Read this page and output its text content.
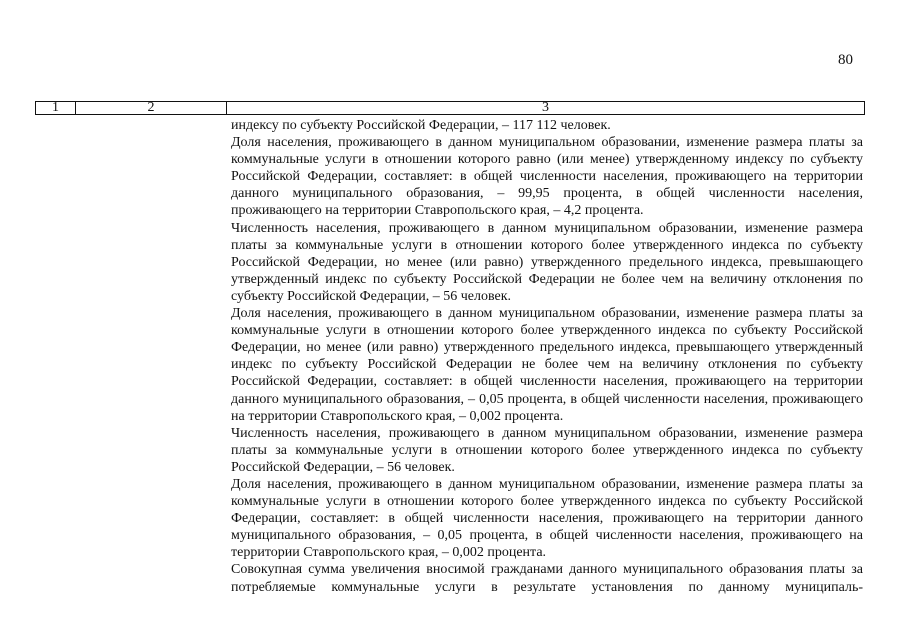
80
1	2	3

индексу по субъекту Российской Федерации, – 117 112 человек.

Доля населения, проживающего в данном муниципальном образовании, изменение размера платы за коммунальные услуги в отношении которого равно (или менее) утвержденному индексу по субъекту Российской Федерации, составляет: в общей численности населения, проживающего на территории данного муниципального образования, – 99,95 процента, в общей численности населения, проживающего на территории Ставропольского края, – 4,2 процента.

Численность населения, проживающего в данном муниципальном образовании, изменение размера платы за коммунальные услуги в отношении которого более утвержденного индекса по субъекту Российской Федерации, но менее (или равно) утвержденного предельного индекса, превышающего утвержденный индекс по субъекту Российской Федерации не более чем на величину отклонения по субъекту Российской Федерации, – 56 человек.

Доля населения, проживающего в данном муниципальном образовании, изменение размера платы за коммунальные услуги в отношении которого более утвержденного индекса по субъекту Российской Федерации, но менее (или равно) утвержденного предельного индекса, превышающего утвержденный индекс по субъекту Российской Федерации не более чем на величину отклонения по субъекту Российской Федерации, составляет: в общей численности населения, проживающего на территории данного муниципального образования, – 0,05 процента, в общей численности населения, проживающего на территории Ставропольского края, – 0,002 процента.

Численность населения, проживающего в данном муниципальном образовании, изменение размера платы за коммунальные услуги в отношении которого более утвержденного индекса по субъекту Российской Федерации, – 56 человек.

Доля населения, проживающего в данном муниципальном образовании, изменение размера платы за коммунальные услуги в отношении которого более утвержденного индекса по субъекту Российской Федерации, составляет: в общей численности населения, проживающего на территории данного муниципального образования, – 0,05 процента, в общей численности населения, проживающего на территории Ставропольского края, – 0,002 процента.

Совокупная сумма увеличения вносимой гражданами данного муниципального образования платы за потребляемые коммунальные услуги в результате установления по данному муниципаль-
